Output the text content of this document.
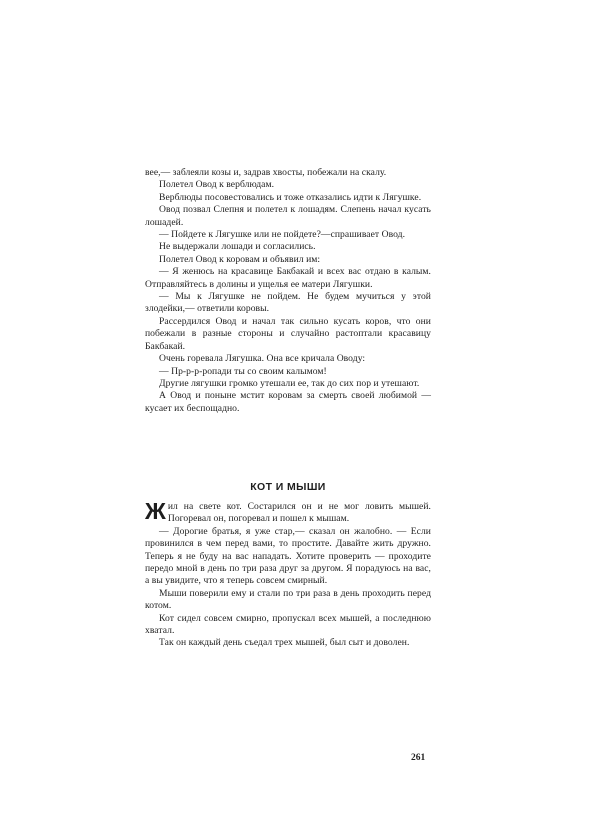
вее,— заблеяли козы и, задрав хвосты, побежали на скалу.

Полетел Овод к верблюдам.

Верблюды посовестовались и тоже отказались идти к Лягушке.

Овод позвал Слепня и полетел к лошадям. Слепень начал кусать лошадей.

— Пойдете к Лягушке или не пойдете?—спрашивает Овод.

Не выдержали лошади и согласились.

Полетел Овод к коровам и объявил им:

— Я женюсь на красавице Бакбакай и всех вас отдаю в калым. Отправляйтесь в долины и ущелья ее матери Лягушки.

— Мы к Лягушке не пойдем. Не будем мучиться у этой злодейки,— ответили коровы.

Рассердился Овод и начал так сильно кусать коров, что они побежали в разные стороны и случайно растоптали красавицу Бакбакай.

Очень горевала Лягушка. Она все кричала Оводу:

— Пр-р-р-ропади ты со своим калымом!

Другие лягушки громко утешали ее, так до сих пор и утешают.

А Овод и поныне мстит коровам за смерть своей любимой — кусает их беспощадно.

КОТ И МЫШИ

Жил на свете кот. Состарился он и не мог ловить мышей. Погоревал он, погоревал и пошел к мышам.

— Дорогие братья, я уже стар,— сказал он жалобно. — Если провинился в чем перед вами, то простите. Давайте жить дружно. Теперь я не буду на вас нападать. Хотите проверить — проходите передо мной в день по три раза друг за другом. Я порадуюсь на вас, а вы увидите, что я теперь совсем смирный.

Мыши поверили ему и стали по три раза в день проходить перед котом.

Кот сидел совсем смирно, пропускал всех мышей, а последнюю хватал.

Так он каждый день съедал трех мышей, был сыт и доволен.

261
